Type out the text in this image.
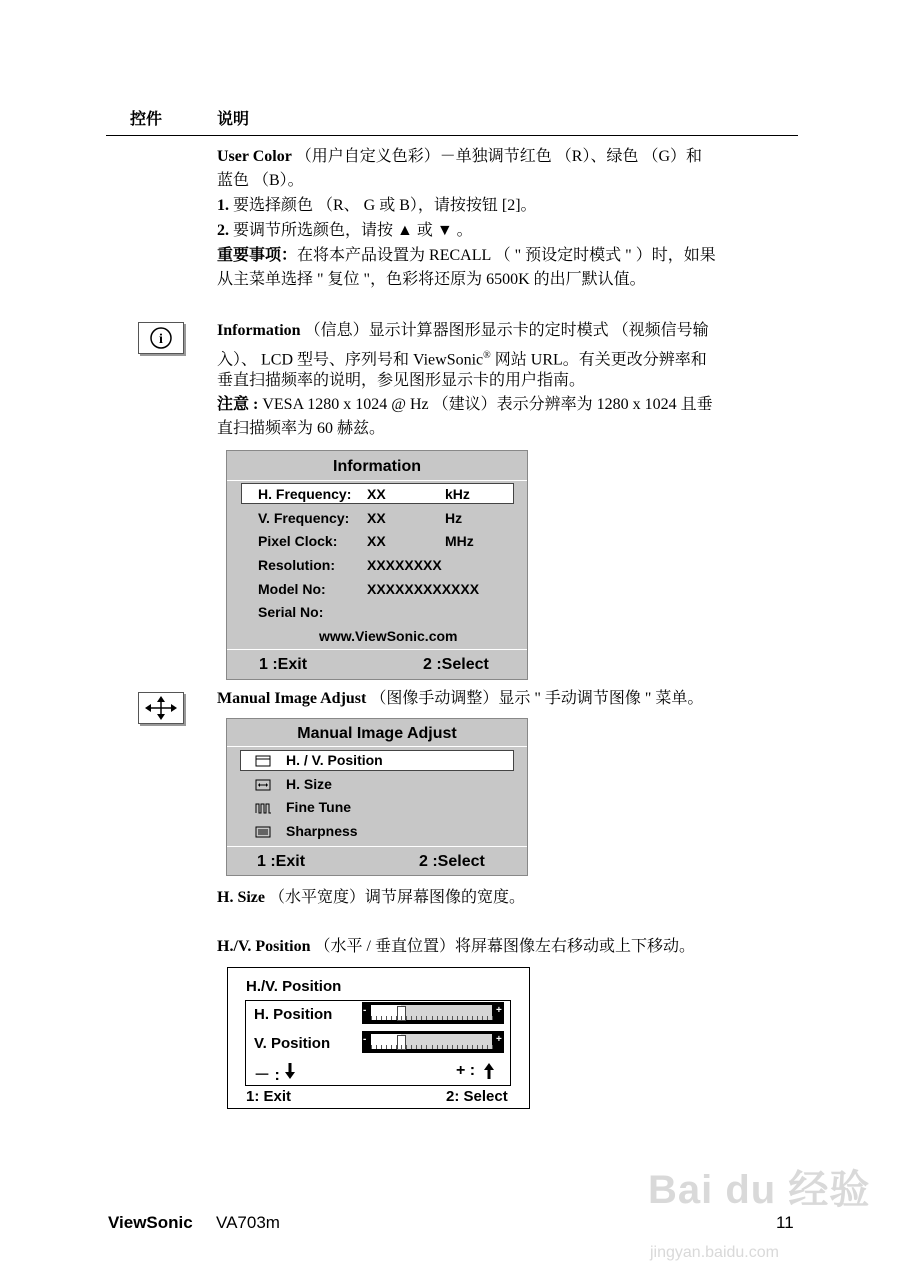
控件	说明
User Color （用户自定义色彩）－单独调节红色 （R）、绿色 （G）和
蓝色 （B）。
1. 要选择颜色 （R、 G 或 B），请按按钮 [2]。
2. 要调节所选颜色，请按 ▲ 或 ▼ 。
重要事项：在将本产品设置为 RECALL （ " 预设定时模式 " ）时，如果
从主菜单选择 " 复位 "，色彩将还原为 6500K 的出厂默认值。
i
Information （信息）显示计算器图形显示卡的定时模式 （视频信号输
入）、 LCD 型号、序列号和 ViewSonic® 网站 URL。有关更改分辨率和
垂直扫描频率的说明，参见图形显示卡的用户指南。
注意 : VESA 1280 x 1024 @ Hz （建议）表示分辨率为 1280 x 1024 且垂
直扫描频率为 60 赫兹。
Information
H. Frequency: XX	kHz
V. Frequency: XX	Hz
Pixel Clock: XX	MHz
Resolution: XXXXXXXX
Model No:	XXXXXXXXXXXX
Serial No:
www.ViewSonic.com
1 :Exit	2 :Select
Manual Image Adjust （图像手动调整）显示 " 手动调节图像 " 菜单。
Manual Image Adjust
H. / V. Position
H. Size
Fine Tune
Sharpness
1 :Exit	2 :Select
H. Size （水平宽度）调节屏幕图像的宽度。
H./V. Position （水平 / 垂直位置）将屏幕图像左右移动或上下移动。
H./V. Position
H. Position	-	+
V. Position	-	+
－ :	+ :
1: Exit	2: Select
Bai du 经验
jingyan.baidu.com
ViewSonic VA703m	11
